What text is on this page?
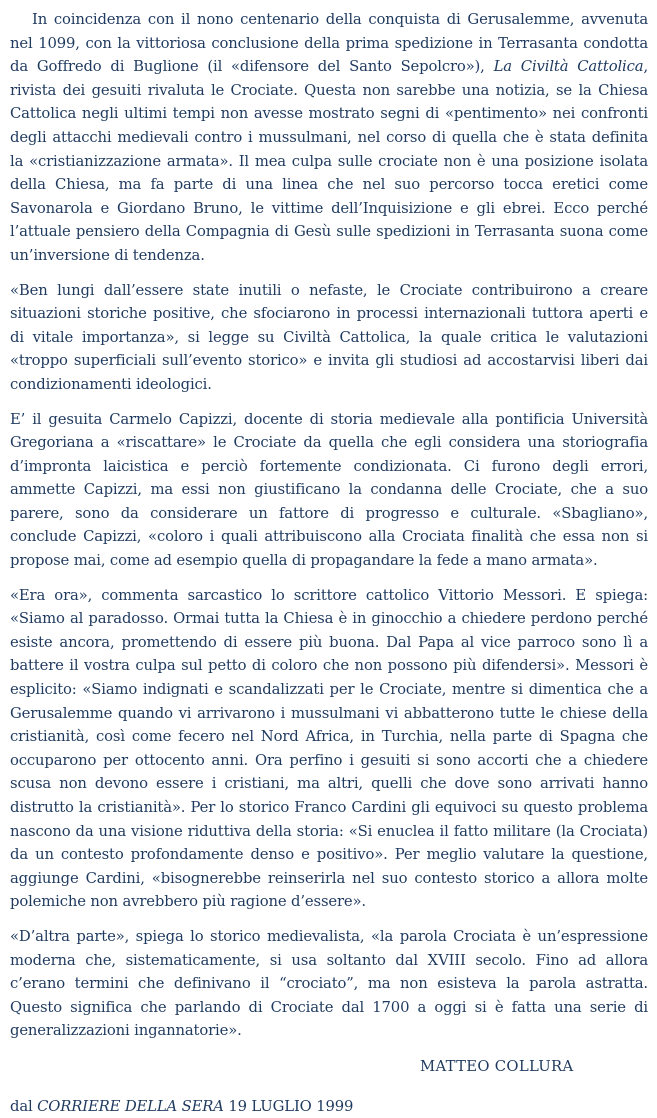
In coincidenza con il nono centenario della conquista di Gerusalemme, avvenuta nel 1099, con la vittoriosa conclusione della prima spedizione in Terrasanta condotta da Goffredo di Buglione (il «difensore del Santo Sepolcro»), La Civiltà Cattolica, rivista dei gesuiti rivaluta le Crociate. Questa non sarebbe una notizia, se la Chiesa Cattolica negli ultimi tempi non avesse mostrato segni di «pentimento» nei confronti degli attacchi medievali contro i mussulmani, nel corso di quella che è stata definita la «cristianizzazione armata». Il mea culpa sulle crociate non è una posizione isolata della Chiesa, ma fa parte di una linea che nel suo percorso tocca eretici come Savonarola e Giordano Bruno, le vittime dell’Inquisizione e gli ebrei. Ecco perché l’attuale pensiero della Compagnia di Gesù sulle spedizioni in Terrasanta suona come un’inversione di tendenza.

«Ben lungi dall’essere state inutili o nefaste, le Crociate contribuirono a creare situazioni storiche positive, che sfociarono in processi internazionali tuttora aperti e di vitale importanza», si legge su Civiltà Cattolica, la quale critica le valutazioni «troppo superficiali sull’evento storico» e invita gli studiosi ad accostarvisi liberi dai condizionamenti ideologici.

E’ il gesuita Carmelo Capizzi, docente di storia medievale alla pontificia Università Gregoriana a «riscattare» le Crociate da quella che egli considera una storiografia d’impronta laicistica e perciò fortemente condizionata. Ci furono degli errori, ammette Capizzi, ma essi non giustificano la condanna delle Crociate, che a suo parere, sono da considerare un fattore di progresso e culturale. «Sbagliano», conclude Capizzi, «coloro i quali attribuiscono alla Crociata finalità che essa non si propose mai, come ad esempio quella di propagandare la fede a mano armata».

«Era ora», commenta sarcastico lo scrittore cattolico Vittorio Messori. E spiega: «Siamo al paradosso. Ormai tutta la Chiesa è in ginocchio a chiedere perdono perché esiste ancora, promettendo di essere più buona. Dal Papa al vice parroco sono lì a battere il vostra culpa sul petto di coloro che non possono più difendersi». Messori è esplicito: «Siamo indignati e scandalizzati per le Crociate, mentre si dimentica che a Gerusalemme quando vi arrivarono i mussulmani vi abbatterono tutte le chiese della cristianità, così come fecero nel Nord Africa, in Turchia, nella parte di Spagna che occuparono per ottocento anni. Ora perfino i gesuiti si sono accorti che a chiedere scusa non devono essere i cristiani, ma altri, quelli che dove sono arrivati hanno distrutto la cristianità». Per lo storico Franco Cardini gli equivoci su questo problema nascono da una visione riduttiva della storia: «Si enuclea il fatto militare (la Crociata) da un contesto profondamente denso e positivo». Per meglio valutare la questione, aggiunge Cardini, «bisognerebbe reinserirla nel suo contesto storico a allora molte polemiche non avrebbero più ragione d’essere».

«D’altra parte», spiega lo storico medievalista, «la parola Crociata è un’espressione moderna che, sistematicamente, si usa soltanto dal XVIII secolo. Fino ad allora c’erano termini che definivano il “crociato”, ma non esisteva la parola astratta. Questo significa che parlando di Crociate dal 1700 a oggi si è fatta una serie di generalizzazioni ingannatorie».

MATTEO COLLURA

dal CORRIERE DELLA SERA 19 LUGLIO 1999
